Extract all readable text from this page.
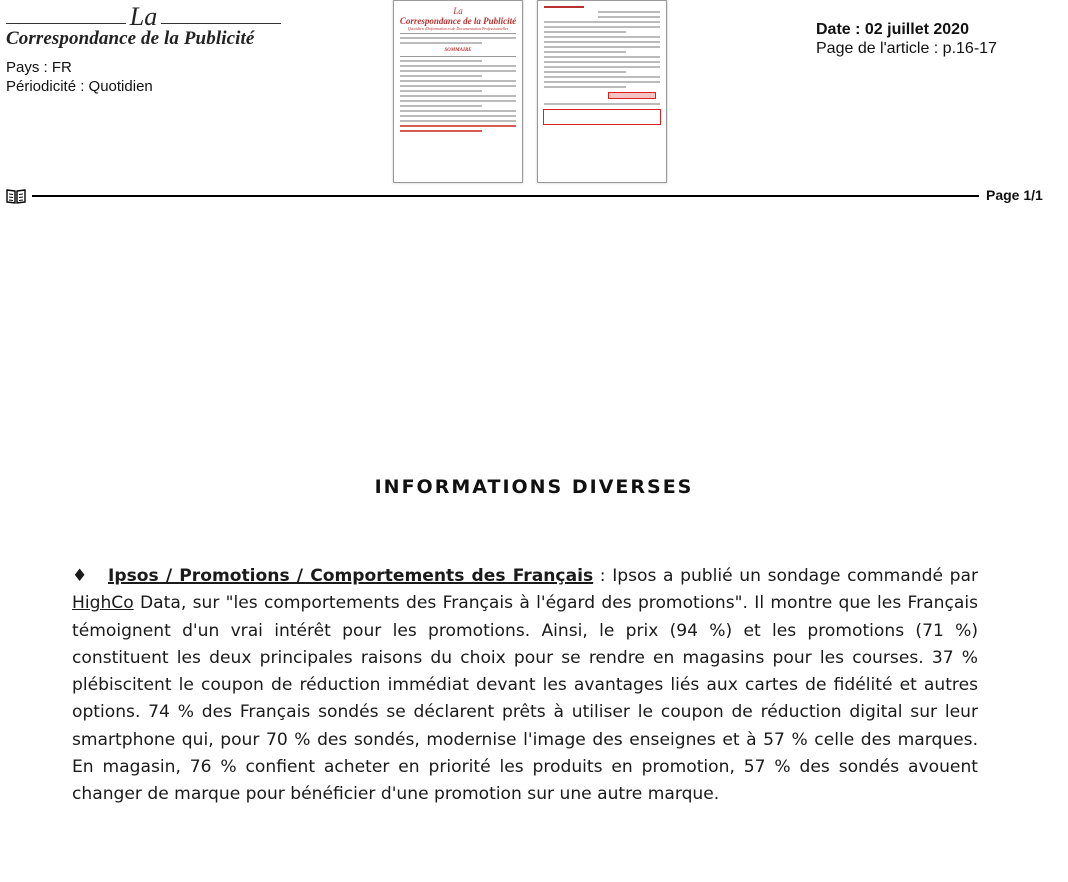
La
Correspondance de la Publicité
Pays : FR
Périodicité : Quotidien
La
Correspondance de la Publicité
Quotidien d'Information et de Documentation Professionnelles
SOMMAIRE
Date : 02 juillet 2020
Page de l'article : p.16-17
Page 1/1
INFORMATIONS DIVERSES
♦ Ipsos / Promotions / Comportements des Français : Ipsos a publié un sondage commandé par HighCo Data, sur "les comportements des Français à l'égard des promotions". Il montre que les Français témoignent d'un vrai intérêt pour les promotions. Ainsi, le prix (94 %) et les promotions (71 %) constituent les deux principales raisons du choix pour se rendre en magasins pour les courses. 37 % plébiscitent le coupon de réduction immédiat devant les avantages liés aux cartes de fidélité et autres options. 74 % des Français sondés se déclarent prêts à utiliser le coupon de réduction digital sur leur smartphone qui, pour 70 % des sondés, modernise l'image des enseignes et à 57 % celle des marques. En magasin, 76 % confient acheter en priorité les produits en promotion, 57 % des sondés avouent changer de marque pour bénéficier d'une promotion sur une autre marque.
